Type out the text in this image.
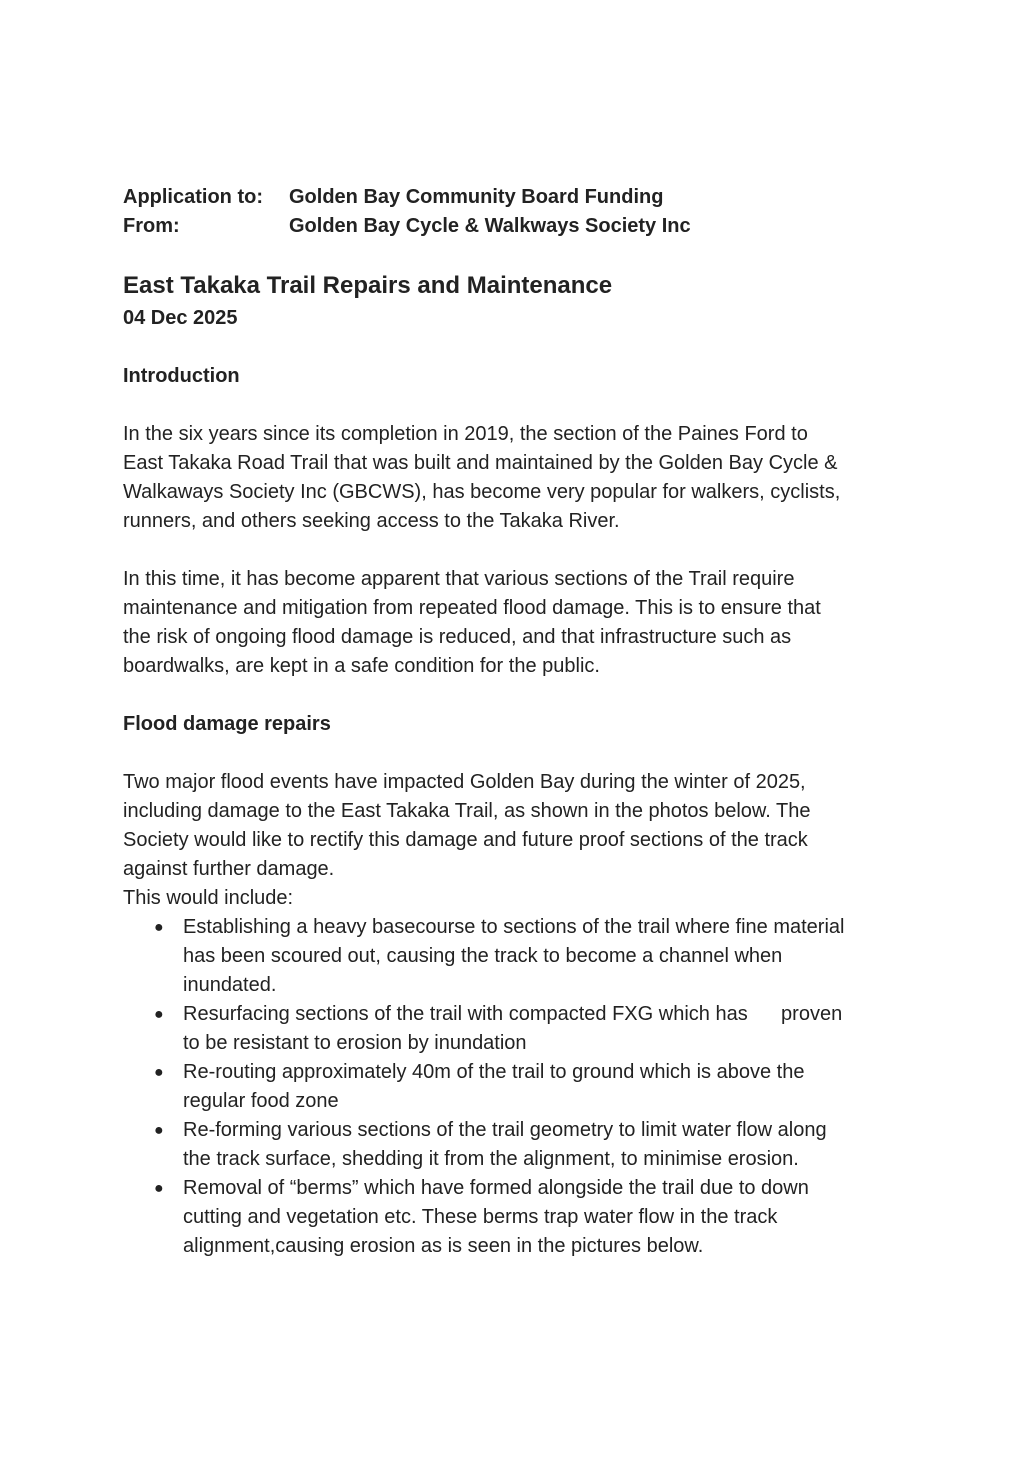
Application to:	Golden Bay Community Board Funding
From:	Golden Bay Cycle & Walkways Society Inc
East Takaka Trail Repairs and Maintenance
04 Dec 2025
Introduction

In the six years since its completion in 2019, the section of the Paines Ford to

East Takaka Road Trail that was built and maintained by the Golden Bay Cycle &

Walkaways Society Inc (GBCWS), has become very popular for walkers, cyclists,

runners, and others seeking access to the Takaka River.

In this time, it has become apparent that various sections of the Trail require

maintenance and mitigation from repeated flood damage. This is to ensure that

the risk of ongoing flood damage is reduced, and that infrastructure such as

boardwalks, are kept in a safe condition for the public.

Flood damage repairs

Two major flood events have impacted Golden Bay during the winter of 2025,

including damage to the East Takaka Trail, as shown in the photos below. The

Society would like to rectify this damage and future proof sections of the track

against further damage.

This would include:

● Establishing a heavy basecourse to sections of the trail where fine material
has been scoured out, causing the track to become a channel when
inundated.
● Resurfacing sections of the trail with compacted FXG which has      proven
to be resistant to erosion by inundation
● Re-routing approximately 40m of the trail to ground which is above the
regular food zone
● Re-forming various sections of the trail geometry to limit water flow along
the track surface, shedding it from the alignment, to minimise erosion.
● Removal of “berms” which have formed alongside the trail due to down
cutting and vegetation etc. These berms trap water flow in the track
alignment,causing erosion as is seen in the pictures below.
